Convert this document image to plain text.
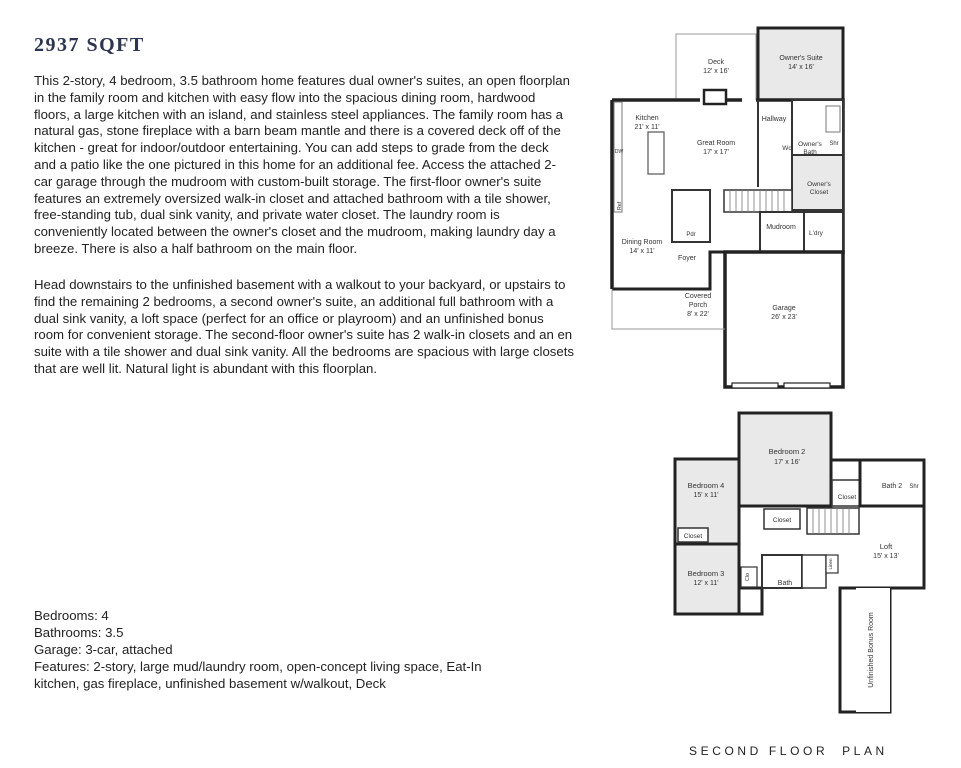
2937 SQFT

This 2-story, 4 bedroom, 3.5 bathroom home features dual owner's suites, an open floorplan in the family room and kitchen with easy flow into the spacious dining room, hardwood floors, a large kitchen with an island, and stainless steel appliances. The family room has a natural gas, stone fireplace with a barn beam mantle and there is a covered deck off of the kitchen - great for indoor/outdoor entertaining. You can add steps to grade from the deck and a patio like the one pictured in this home for an additional fee. Access the attached 2-car garage through the mudroom with custom-built storage. The first-floor owner's suite features an extremely oversized walk-in closet and attached bathroom with a tile shower, free-standing tub, dual sink vanity, and private water closet. The laundry room is conveniently located between the owner's closet and the mudroom, making laundry day a breeze. There is also a half bathroom on the main floor.

Head downstairs to the unfinished basement with a walkout to your backyard, or upstairs to find the remaining 2 bedrooms, a second owner's suite, an additional full bathroom with a dual sink vanity, a loft space (perfect for an office or playroom) and an unfinished bonus room for convenient storage. The second-floor owner's suite has 2 walk-in closets and an en suite with a tile shower and dual sink vanity. All the bedrooms are spacious with large closets that are well lit. Natural light is abundant with this floorplan.

Bedrooms: 4
Bathrooms: 3.5
Garage: 3-car, attached
Features: 2-story, large mud/laundry room, open-concept living space, Eat-In kitchen, gas fireplace, unfinished basement w/walkout, Deck
Deck
12' x 16'
Owner's Suite
14' x 16'
Kitchen
21' x 11'
Great Room
17' x 17'
Hallway
Owner's
Bath
Shr
Wc
Owner's
Closet
Mudroom
L'dry
Pdr
Ref
DW
Dining Room
14' x 11'
Foyer
Covered
Porch
8' x 22'
Garage
26' x 23'
Bedroom 2
17' x 16'
Bedroom 4
15' x 11'
Bedroom 3
12' x 11'
Closet
Closet
Closet
Bath 2 Shr
Loft
15' x 13'
Bath
Clo
Linen
Unfinished Bonus Room
SECOND FLOOR  PLAN
